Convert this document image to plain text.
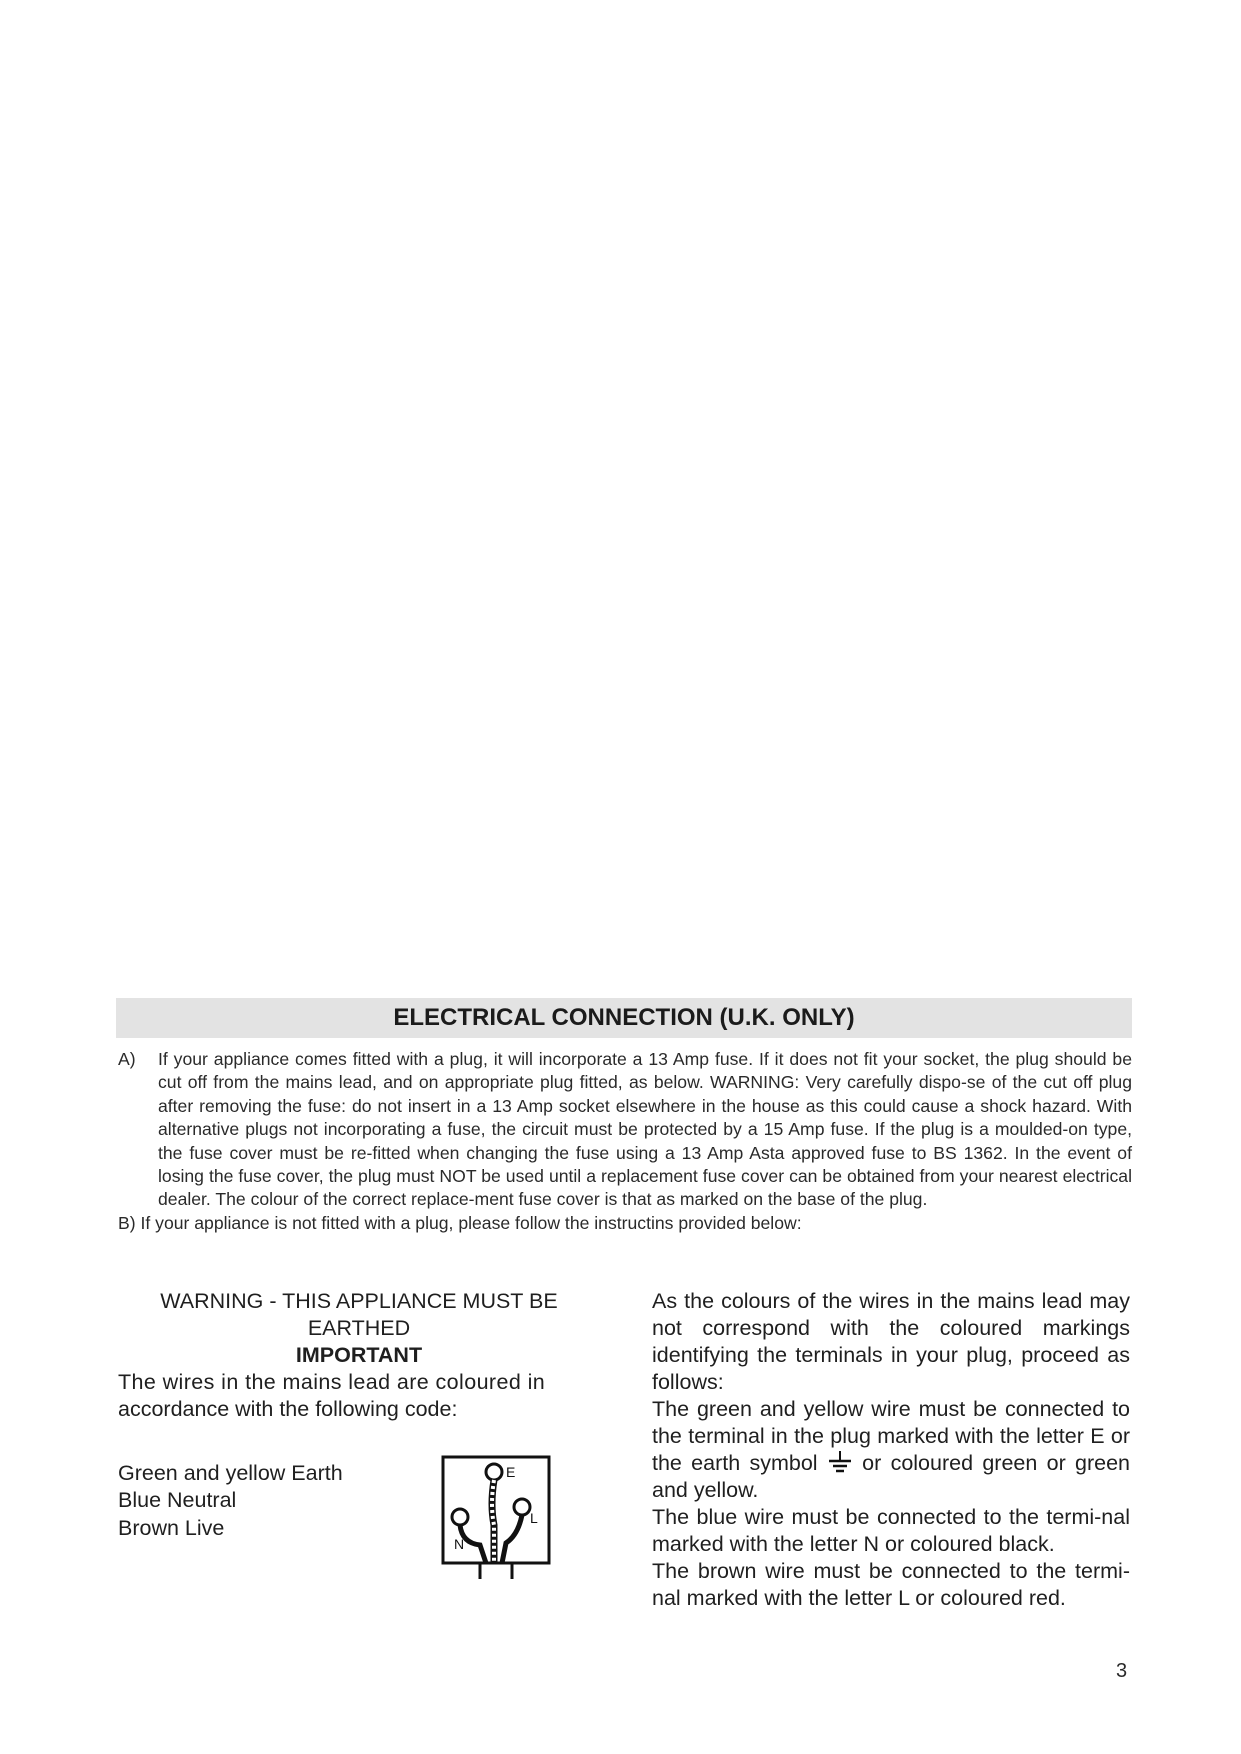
ELECTRICAL CONNECTION (U.K. ONLY)
A)	If your appliance comes fitted with a plug, it will incorporate a 13 Amp fuse. If it does not fit your socket, the plug should be cut off from the mains lead, and on appropriate plug fitted, as below. WARNING: Very carefully dispo-se of the cut off plug after removing the fuse: do not insert in a 13 Amp socket elsewhere in the house as this could cause a shock hazard. With alternative plugs not incorporating a fuse, the circuit must be protected by a 15 Amp fuse. If the plug is a moulded-on type, the fuse cover must be re-fitted when changing the fuse using a 13 Amp Asta approved fuse to BS 1362. In the event of losing the fuse cover, the plug must NOT be used until a replacement fuse cover can be obtained from your nearest electrical dealer. The colour of the correct replace-ment fuse cover is that as marked on the base of the plug.
B) If your appliance is not fitted with a plug, please follow the instructins provided below:
WARNING - THIS APPLIANCE MUST BE EARTHED
IMPORTANT
The wires in the mains lead are coloured in
accordance with the following code:
Green and yellow Earth
Blue Neutral
Brown Live
E
L
N

As the colours of the wires in the mains lead may not correspond with the coloured markings identifying the terminals in your plug, proceed as follows:

The green and yellow wire must be connected to the terminal in the plug marked with the letter E or the earth symbol or coloured green or green and yellow.

The blue wire must be connected to the termi-nal marked with the letter N or coloured black.

The brown wire must be connected to the termi-nal marked with the letter L or coloured red.

3
